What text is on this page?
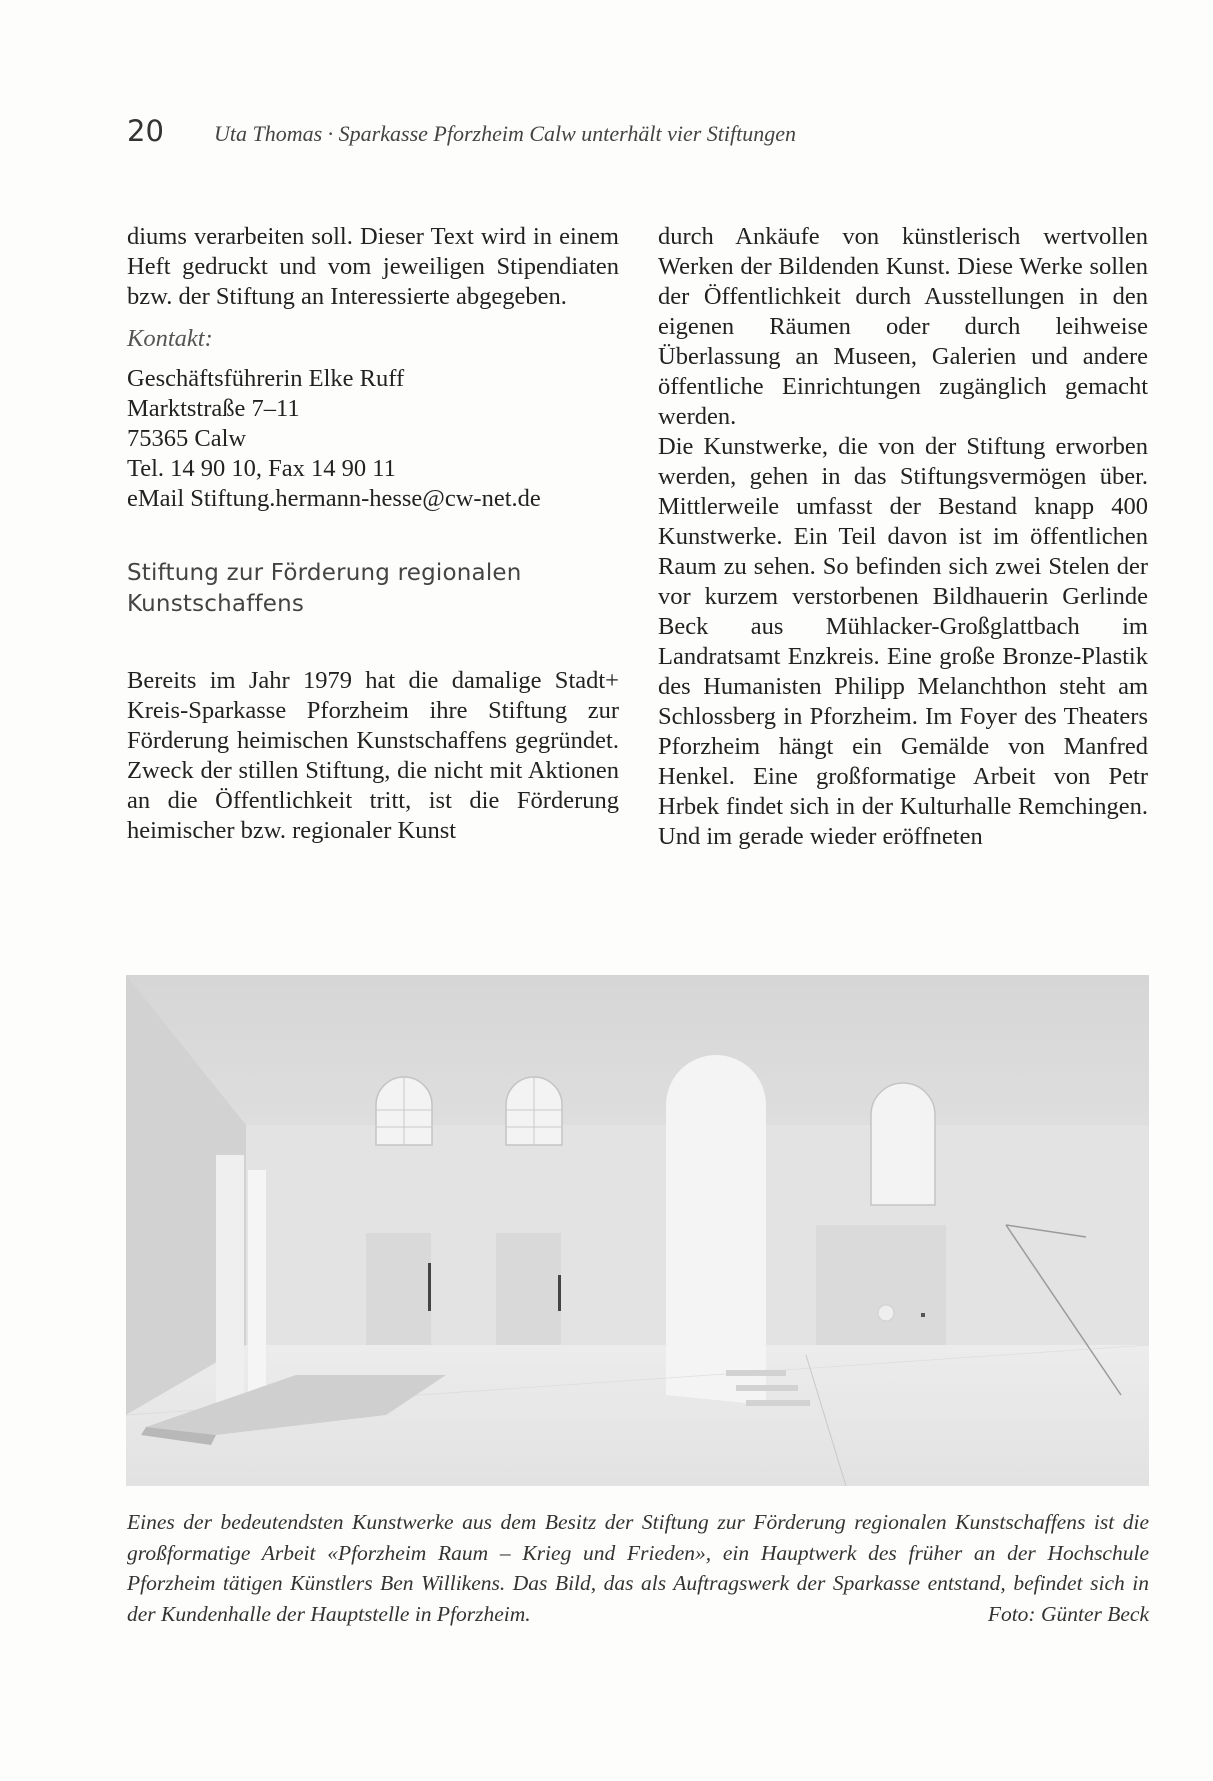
20 Uta Thomas · Sparkasse Pforzheim Calw unterhält vier Stiftungen

diums verarbeiten soll. Dieser Text wird in einem Heft gedruckt und vom jeweiligen Stipendiaten bzw. der Stiftung an Interessierte abgegeben.

Kontakt:

Geschäftsführerin Elke Ruff
Marktstraße 7–11
75365 Calw
Tel. 14 90 10, Fax 14 90 11
eMail Stiftung.hermann-hesse@cw-net.de
Stiftung zur Förderung regionalen
Kunstschaffens

Bereits im Jahr 1979 hat die damalige Stadt+ Kreis-Sparkasse Pforzheim ihre Stiftung zur Förderung heimischen Kunstschaffens gegründet. Zweck der stillen Stiftung, die nicht mit Aktionen an die Öffentlichkeit tritt, ist die Förderung heimischer bzw. regionaler Kunst

durch Ankäufe von künstlerisch wertvollen Werken der Bildenden Kunst. Diese Werke sollen der Öffentlichkeit durch Ausstellungen in den eigenen Räumen oder durch leihweise Überlassung an Museen, Galerien und andere öffentliche Einrichtungen zugänglich gemacht werden.

Die Kunstwerke, die von der Stiftung erworben werden, gehen in das Stiftungsvermögen über. Mittlerweile umfasst der Bestand knapp 400 Kunstwerke. Ein Teil davon ist im öffentlichen Raum zu sehen. So befinden sich zwei Stelen der vor kurzem verstorbenen Bildhauerin Gerlinde Beck aus Mühlacker-Großglattbach im Landratsamt Enzkreis. Eine große Bronze-Plastik des Humanisten Philipp Melanchthon steht am Schlossberg in Pforzheim. Im Foyer des Theaters Pforzheim hängt ein Gemälde von Manfred Henkel. Eine großformatige Arbeit von Petr Hrbek findet sich in der Kulturhalle Remchingen. Und im gerade wieder eröffneten

Eines der bedeutendsten Kunstwerke aus dem Besitz der Stiftung zur Förderung regionalen Kunstschaffens ist die großformatige Arbeit «Pforzheim Raum – Krieg und Frieden», ein Hauptwerk des früher an der Hochschule Pforzheim tätigen Künstlers Ben Willikens. Das Bild, das als Auftragswerk der Sparkasse entstand, befindet sich in der Kundenhalle der Hauptstelle in Pforzheim.	Foto: Günter Beck
